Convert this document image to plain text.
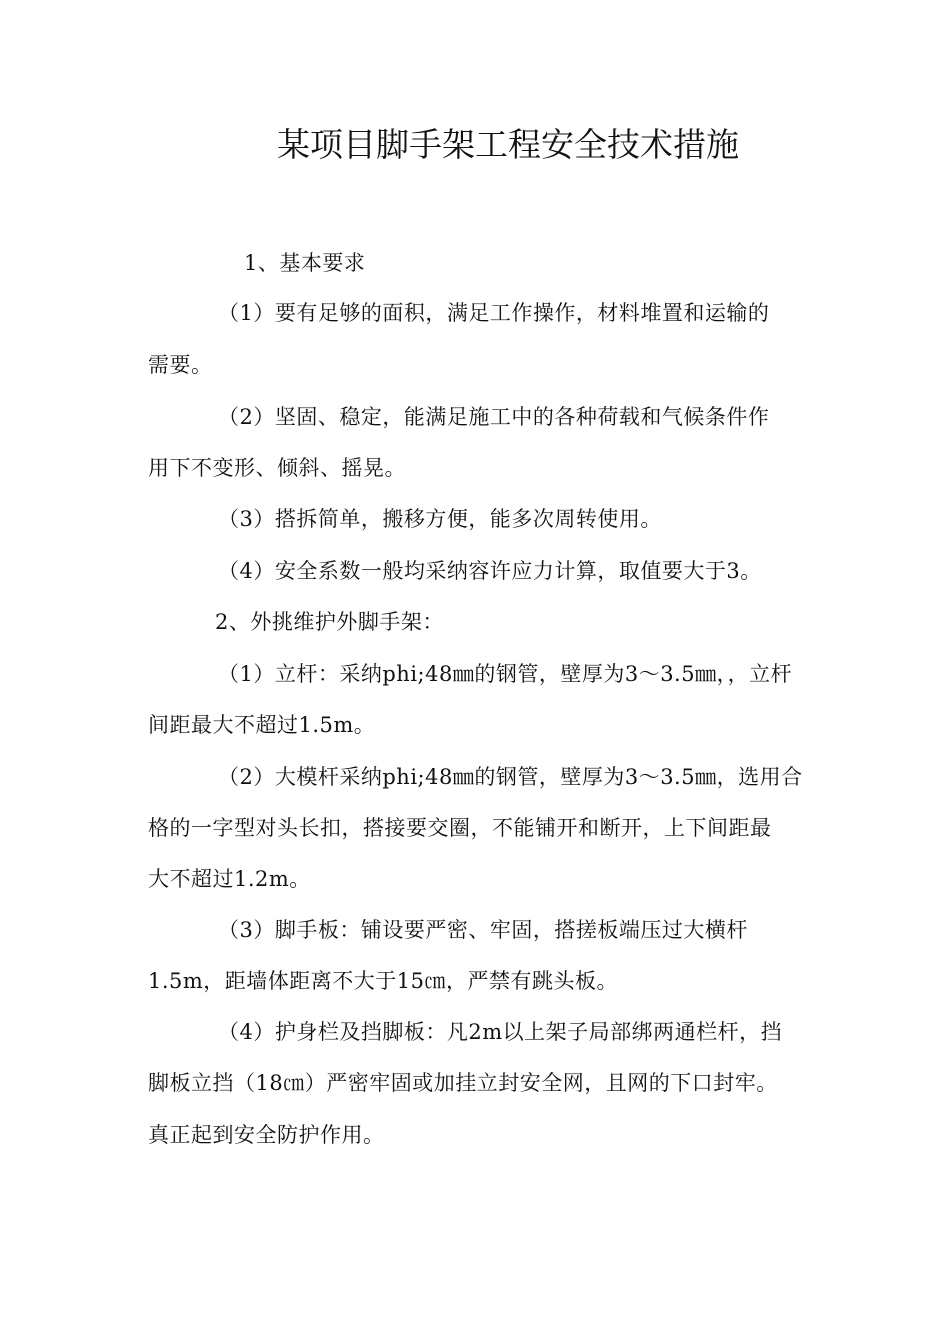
某项目脚手架工程安全技术措施
1、基本要求
（1）要有足够的面积，满足工作操作，材料堆置和运输的
需要。
（2）坚固、稳定，能满足施工中的各种荷载和气候条件作
用下不变形、倾斜、摇晃。
（3）搭拆简单，搬移方便，能多次周转使用。
（4）安全系数一般均采纳容许应力计算，取值要大于3。
2、外挑维护外脚手架：
（1）立杆：采纳phi;48㎜的钢管，壁厚为3～3.5㎜，，立杆
间距最大不超过1.5m。
（2）大模杆采纳phi;48㎜的钢管，壁厚为3～3.5㎜，选用合
格的一字型对头长扣，搭接要交圈，不能铺开和断开，上下间距最
大不超过1.2m。
（3）脚手板：铺设要严密、牢固，搭搓板端压过大横杆
1.5m，距墙体距离不大于15㎝，严禁有跳头板。
（4）护身栏及挡脚板：凡2m以上架子局部绑两通栏杆，挡
脚板立挡（18㎝）严密牢固或加挂立封安全网，且网的下口封牢。
真正起到安全防护作用。
